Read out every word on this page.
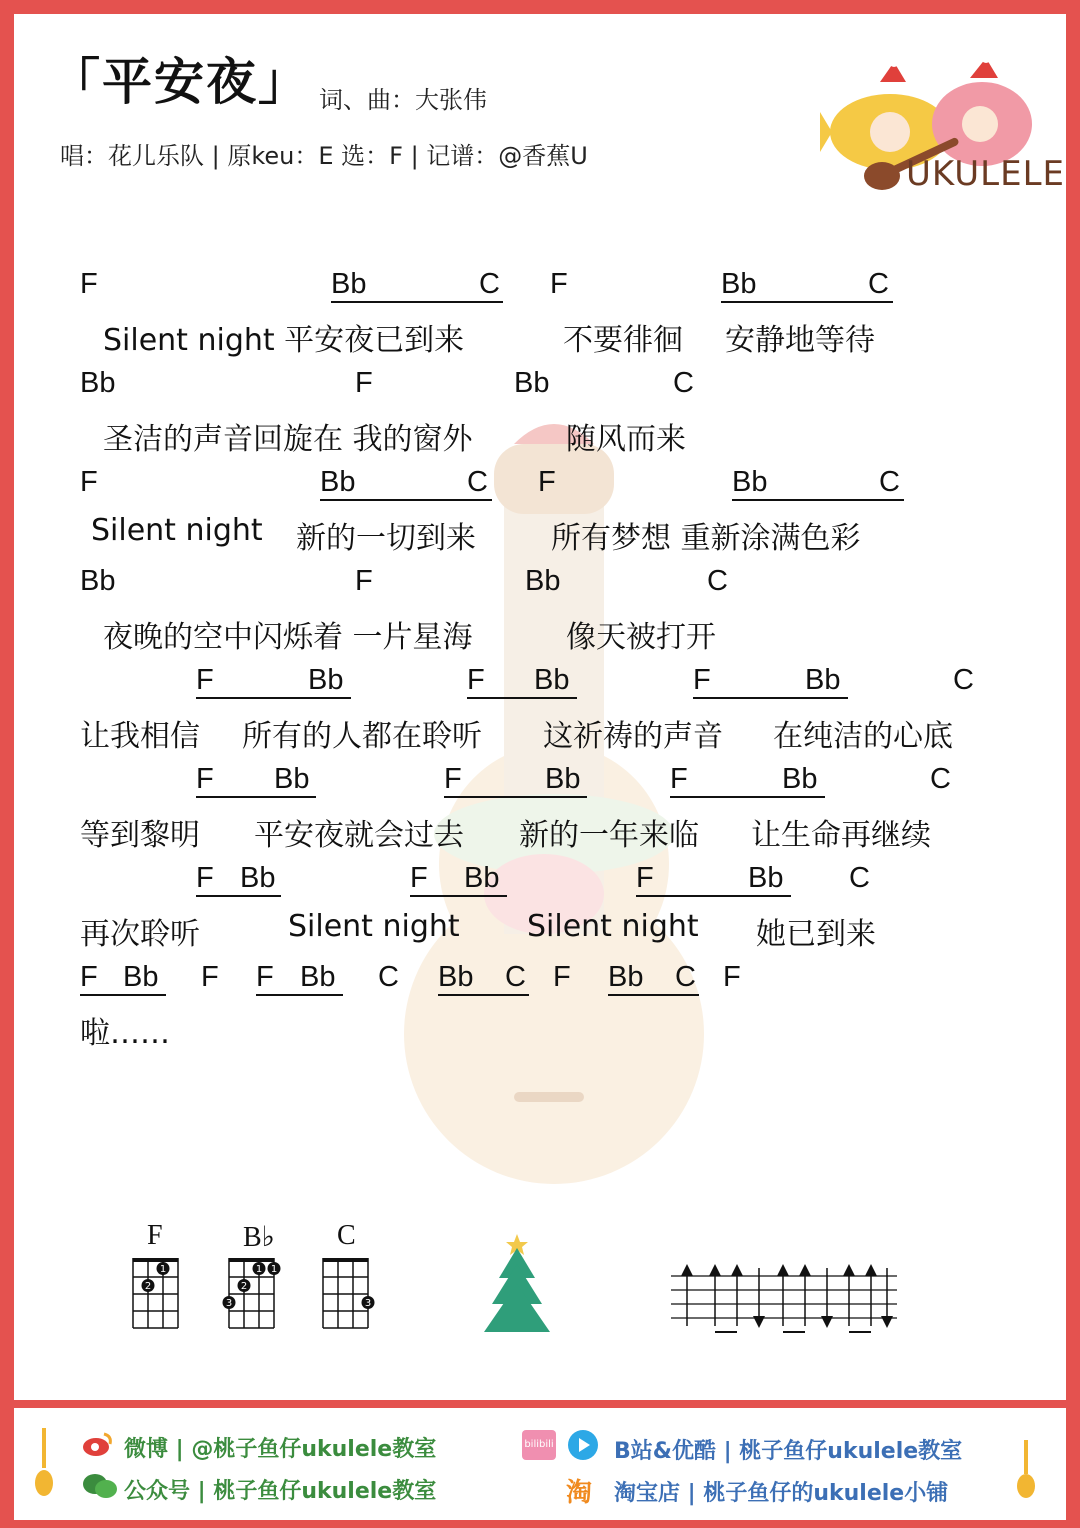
「平安夜」 词、曲：大张伟
唱：花儿乐队 | 原keu：E 选：F | 记谱：@香蕉U	UKULELE
F	Bb	C F	Bb	C
Bb	F	Bb	C
F	Bb	C F	Bb	C
Bb	F	Bb	C
F	Bb	F Bb	F	Bb	C
F Bb	F	Bb	F	Bb	C
F Bb	F Bb	F	Bb C
F Bb F F Bb C Bb C F Bb C F
Silent night 平安夜已到来	不要徘徊 安静地等待
圣洁的声音回旋在 我的窗外	随风而来
Silent night 新的一切到来	所有梦想 重新涂满色彩
夜晚的空中闪烁着 一片星海	像天被打开
让我相信 所有的人都在聆听 这祈祷的声音 在纯洁的心底
等到黎明 平安夜就会过去 新的一年来临 让生命再继续
再次聆听	Silent night Silent night 她已到来
啦……
F
2
1
B♭
3
2
1 1
C
3
微博 | @桃子鱼仔ukulele教室
公众号 | 桃子鱼仔ukulele教室
bilibili	B站&优酷 | 桃子鱼仔ukulele教室
淘 淘宝店 | 桃子鱼仔的ukulele小铺
